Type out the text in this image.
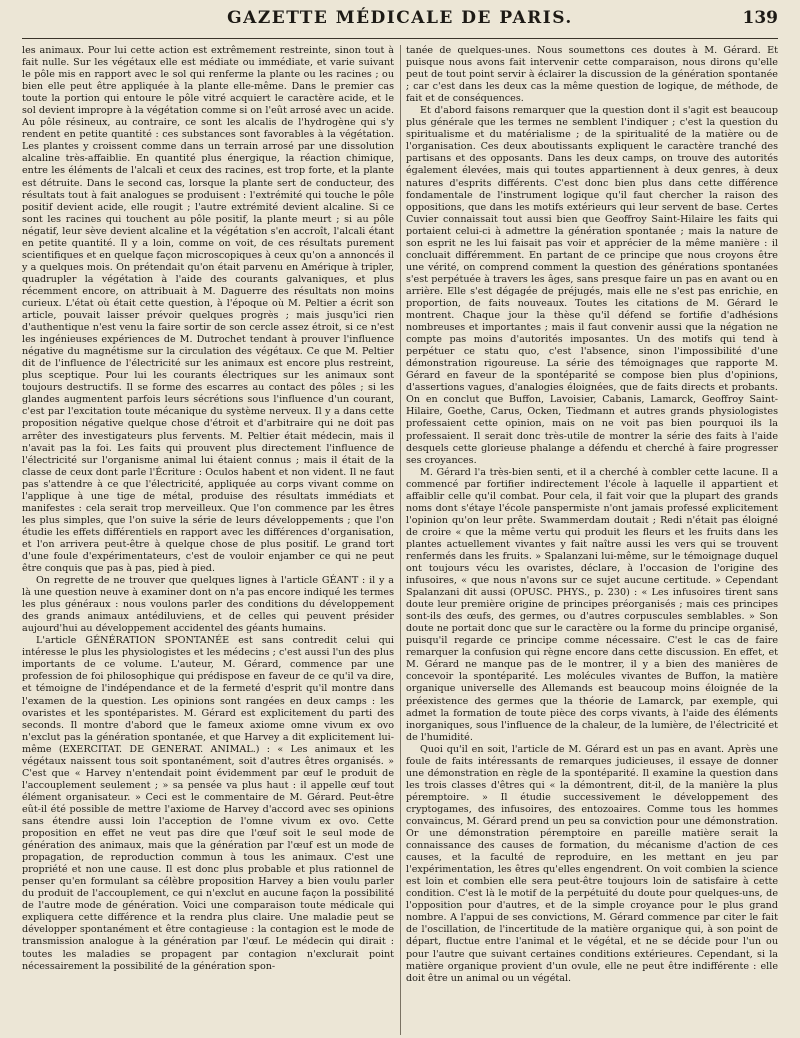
GAZETTE MÉDICALE DE PARIS.	139

les animaux. Pour lui cette action est extrêmement restreinte, sinon tout à fait nulle. Sur les végétaux elle est médiate ou immédiate, et varie suivant le pôle mis en rapport avec le sol qui renferme la plante ou les racines ; ou bien elle peut être appliquée à la plante elle-même. Dans le premier cas toute la portion qui entoure le pôle vitré acquiert le caractère acide, et le sol devient impropre à la végétation comme si on l'eût arrosé avec un acide. Au pôle résineux, au contraire, ce sont les alcalis de l'hydrogène qui s'y rendent en petite quantité : ces substances sont favorables à la végétation. Les plantes y croissent comme dans un terrain arrosé par une dissolution alcaline très-affaiblie. En quantité plus énergique, la réaction chimique, entre les éléments de l'alcali et ceux des racines, est trop forte, et la plante est détruite. Dans le second cas, lorsque la plante sert de conducteur, des résultats tout à fait analogues se produisent : l'extrémité qui touche le pôle positif devient acide, elle rougit ; l'autre extrémité devient alcaline. Si ce sont les racines qui touchent au pôle positif, la plante meurt ; si au pôle négatif, leur sève devient alcaline et la végétation s'en accroît, l'alcali étant en petite quantité. Il y a loin, comme on voit, de ces résultats purement scientifiques et en quelque façon microscopiques à ceux qu'on a annoncés il y a quelques mois. On prétendait qu'on était parvenu en Amérique à tripler, quadrupler la végétation à l'aide des courants galvaniques, et plus récemment encore, on attribuait à M. Daguerre des résultats non moins curieux. L'état où était cette question, à l'époque où M. Peltier a écrit son article, pouvait laisser prévoir quelques progrès ; mais jusqu'ici rien d'authentique n'est venu la faire sortir de son cercle assez étroit, si ce n'est les ingénieuses expériences de M. Dutrochet tendant à prouver l'influence négative du magnétisme sur la circulation des végétaux. Ce que M. Peltier dit de l'influence de l'électricité sur les animaux est encore plus restreint, plus sceptique. Pour lui les courants électriques sur les animaux sont toujours destructifs. Il se forme des escarres au contact des pôles ; si les glandes augmentent parfois leurs sécrétions sous l'influence d'un courant, c'est par l'excitation toute mécanique du système nerveux. Il y a dans cette proposition négative quelque chose d'étroit et d'arbitraire qui ne doit pas arrêter des investigateurs plus fervents. M. Peltier était médecin, mais il n'avait pas la foi. Les faits qui prouvent plus directement l'influence de l'électricité sur l'organisme animal lui étaient connus ; mais il était de la classe de ceux dont parle l'Écriture : Oculos habent et non vident. Il ne faut pas s'attendre à ce que l'électricité, appliquée au corps vivant comme on l'applique à une tige de métal, produise des résultats immédiats et manifestes : cela serait trop merveilleux. Que l'on commence par les êtres les plus simples, que l'on suive la série de leurs développements ; que l'on étudie les effets différentiels en rapport avec les différences d'organisation, et l'on arrivera peut-être à quelque chose de plus positif. Le grand tort d'une foule d'expérimentateurs, c'est de vouloir enjamber ce qui ne peut être conquis que pas à pas, pied à pied.

On regrette de ne trouver que quelques lignes à l'article GÉANT : il y a là une question neuve à examiner dont on n'a pas encore indiqué les termes les plus généraux : nous voulons parler des conditions du développement des grands animaux antédiluviens, et de celles qui peuvent présider aujourd'hui au développement accidentel des géants humains.

L'article GÉNÉRATION SPONTANÉE est sans contredit celui qui intéresse le plus les physiologistes et les médecins ; c'est aussi l'un des plus importants de ce volume. L'auteur, M. Gérard, commence par une profession de foi philosophique qui prédispose en faveur de ce qu'il va dire, et témoigne de l'indépendance et de la fermeté d'esprit qu'il montre dans l'examen de la question. Les opinions sont rangées en deux camps : les ovaristes et les spontéparistes. M. Gérard est explicitement du parti des seconds. Il montre d'abord que le fameux axiome omne vivum ex ovo n'exclut pas la génération spontanée, et que Harvey a dit explicitement lui-même (EXERCITAT. DE GENERAT. ANIMAL.) : « Les animaux et les végétaux naissent tous soit spontanément, soit d'autres êtres organisés. » C'est que « Harvey n'entendait point évidemment par œuf le produit de l'accouplement seulement ; » sa pensée va plus haut : il appelle œuf tout élément organisateur. » Ceci est le commentaire de M. Gérard. Peut-être eût-il été possible de mettre l'axiome de Harvey d'accord avec ses opinions sans étendre aussi loin l'acception de l'omne vivum ex ovo. Cette proposition en effet ne veut pas dire que l'œuf soit le seul mode de génération des animaux, mais que la génération par l'œuf est un mode de propagation, de reproduction commun à tous les animaux. C'est une propriété et non une cause. Il est donc plus probable et plus rationnel de penser qu'en formulant sa célèbre proposition Harvey a bien voulu parler du produit de l'accouplement, ce qui n'exclut en aucune façon la possibilité de l'autre mode de génération. Voici une comparaison toute médicale qui expliquera cette différence et la rendra plus claire. Une maladie peut se développer spontanément et être contagieuse : la contagion est le mode de transmission analogue à la génération par l'œuf. Le médecin qui dirait : toutes les maladies se propagent par contagion n'exclurait point nécessairement la possibilité de la génération spon-

tanée de quelques-unes. Nous soumettons ces doutes à M. Gérard. Et puisque nous avons fait intervenir cette comparaison, nous dirons qu'elle peut de tout point servir à éclairer la discussion de la génération spontanée ; car c'est dans les deux cas la même question de logique, de méthode, de fait et de conséquences.

Et d'abord faisons remarquer que la question dont il s'agit est beaucoup plus générale que les termes ne semblent l'indiquer ; c'est la question du spiritualisme et du matérialisme ; de la spiritualité de la matière ou de l'organisation. Ces deux aboutissants expliquent le caractère tranché des partisans et des opposants. Dans les deux camps, on trouve des autorités également élevées, mais qui toutes appartiennent à deux genres, à deux natures d'esprits différents. C'est donc bien plus dans cette différence fondamentale de l'instrument logique qu'il faut chercher la raison des oppositions, que dans les motifs extérieurs qui leur servent de base. Certes Cuvier connaissait tout aussi bien que Geoffroy Saint-Hilaire les faits qui portaient celui-ci à admettre la génération spontanée ; mais la nature de son esprit ne les lui faisait pas voir et apprécier de la même manière : il concluait différemment. En partant de ce principe que nous croyons être une vérité, on comprend comment la question des générations spontanées s'est perpétuée à travers les âges, sans presque faire un pas en avant ou en arrière. Elle s'est dégagée de préjugés, mais elle ne s'est pas enrichie, en proportion, de faits nouveaux. Toutes les citations de M. Gérard le montrent. Chaque jour la thèse qu'il défend se fortifie d'adhésions nombreuses et importantes ; mais il faut convenir aussi que la négation ne compte pas moins d'autorités imposantes. Un des motifs qui tend à perpétuer ce statu quo, c'est l'absence, sinon l'impossibilité d'une démonstration rigoureuse. La série des témoignages que rapporte M. Gérard en faveur de la spontéparité se compose bien plus d'opinions, d'assertions vagues, d'analogies éloignées, que de faits directs et probants. On en conclut que Buffon, Lavoisier, Cabanis, Lamarck, Geoffroy Saint-Hilaire, Goethe, Carus, Ocken, Tiedmann et autres grands physiologistes professaient cette opinion, mais on ne voit pas bien pourquoi ils la professaient. Il serait donc très-utile de montrer la série des faits à l'aide desquels cette glorieuse phalange a défendu et cherché à faire progresser ses croyances.

M. Gérard l'a très-bien senti, et il a cherché à combler cette lacune. Il a commencé par fortifier indirectement l'école à laquelle il appartient et affaiblir celle qu'il combat. Pour cela, il fait voir que la plupart des grands noms dont s'étaye l'école panspermiste n'ont jamais professé explicitement l'opinion qu'on leur prête. Swammerdam doutait ; Redi n'était pas éloigné de croire « que la même vertu qui produit les fleurs et les fruits dans les plantes actuellement vivantes y fait naître aussi les vers qui se trouvent renfermés dans les fruits. » Spalanzani lui-même, sur le témoignage duquel ont toujours vécu les ovaristes, déclare, à l'occasion de l'origine des infusoires, « que nous n'avons sur ce sujet aucune certitude. » Cependant Spalanzani dit aussi (OPUSC. PHYS., p. 230) : « Les infusoires tirent sans doute leur première origine de principes préorganisés ; mais ces principes sont-ils des œufs, des germes, ou d'autres corpuscules semblables. » Son doute ne portait donc que sur le caractère ou la forme du principe organisé, puisqu'il regarde ce principe comme nécessaire. C'est le cas de faire remarquer la confusion qui règne encore dans cette discussion. En effet, et M. Gérard ne manque pas de le montrer, il y a bien des manières de concevoir la spontéparité. Les molécules vivantes de Buffon, la matière organique universelle des Allemands est beaucoup moins éloignée de la préexistence des germes que la théorie de Lamarck, par exemple, qui admet la formation de toute pièce des corps vivants, à l'aide des éléments inorganiques, sous l'influence de la chaleur, de la lumière, de l'électricité et de l'humidité.

Quoi qu'il en soit, l'article de M. Gérard est un pas en avant. Après une foule de faits intéressants de remarques judicieuses, il essaye de donner une démonstration en règle de la spontéparité. Il examine la question dans les trois classes d'êtres qui « la démontrent, dit-il, de la manière la plus péremptoire. » Il étudie successivement le développement des cryptogames, des infusoires, des entozoaires. Comme tous les hommes convaincus, M. Gérard prend un peu sa conviction pour une démonstration. Or une démonstration péremptoire en pareille matière serait la connaissance des causes de formation, du mécanisme d'action de ces causes, et la faculté de reproduire, en les mettant en jeu par l'expérimentation, les êtres qu'elles engendrent. On voit combien la science est loin et combien elle sera peut-être toujours loin de satisfaire à cette condition. C'est là le motif de la perpétuité du doute pour quelques-uns, de l'opposition pour d'autres, et de la simple croyance pour le plus grand nombre. A l'appui de ses convictions, M. Gérard commence par citer le fait de l'oscillation, de l'incertitude de la matière organique qui, à son point de départ, fluctue entre l'animal et le végétal, et ne se décide pour l'un ou pour l'autre que suivant certaines conditions extérieures. Cependant, si la matière organique provient d'un ovule, elle ne peut être indifférente : elle doit être un animal ou un végétal.
